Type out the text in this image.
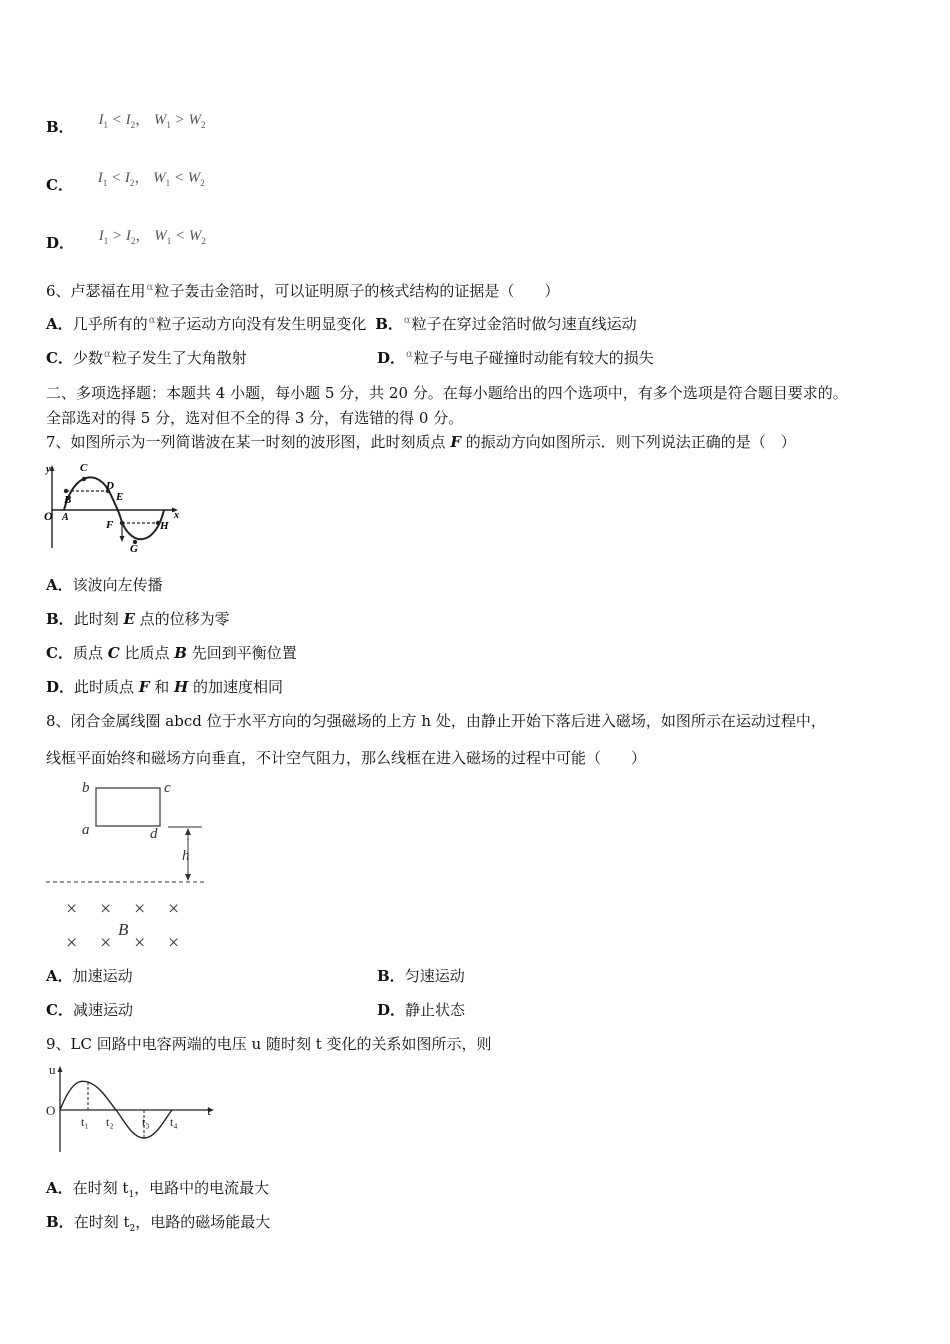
B． $I_1 < I_2$， $W_1 > W_2$
C． $I_1 < I_2$， $W_1 < W_2$
D． $I_1 > I_2$， $W_1 < W_2$
6、卢瑟福在用$^\alpha$粒子轰击金箔时，可以证明原子的核式结构的证据是（　　）
A．几乎所有的$^\alpha$粒子运动方向没有发生明显变化 B．$^\alpha$粒子在穿过金箔时做匀速直线运动
C．少数$^\alpha$粒子发生了大角散射	D．$^\alpha$粒子与电子碰撞时动能有较大的损失
二、多项选择题：本题共 4 小题，每小题 5 分，共 20 分。在每小题给出的四个选项中，有多个选项是符合题目要求的。
全部选对的得 5 分，选对但不全的得 3 分，有选错的得 0 分。
7、如图所示为一列简谐波在某一时刻的波形图，此时刻质点 F 的振动方向如图所示．则下列说法正确的是（　）
y
x
O A
B
C
D
E
F
G
H
A．该波向左传播
B．此时刻 E 点的位移为零
C．质点 C 比质点 B 先回到平衡位置
D．此时质点 F 和 H 的加速度相同
8、闭合金属线圈 abcd 位于水平方向的匀强磁场的上方 h 处，由静止开始下落后进入磁场，如图所示在运动过程中，
线框平面始终和磁场方向垂直，不计空气阻力，那么线框在进入磁场的过程中可能（　　）
b	c
a	d
h
× × × ×
× × × ×
B
A．加速运动	B．匀速运动
C．减速运动	D．静止状态
9、LC 回路中电容两端的电压 u 随时刻 t 变化的关系如图所示，则
u
t
O
t₁ t₂ t₃ t₄
A．在时刻 $t_1$，电路中的电流最大
B．在时刻 $t_2$，电路的磁场能最大
